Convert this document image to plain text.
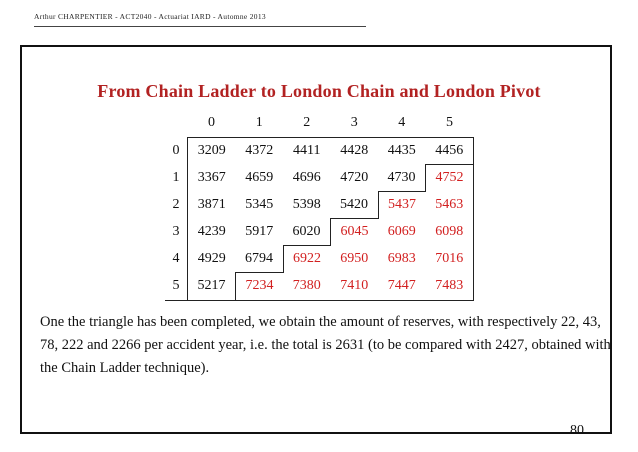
Arthur CHARPENTIER - ACT2040 - Actuariat IARD - Automne 2013
From Chain Ladder to London Chain and London Pivot
	0	1	2	3	4	5
0	3209	4372	4411	4428	4435	4456
1	3367	4659	4696	4720	4730	4752
2	3871	5345	5398	5420	5437	5463
3	4239	5917	6020	6045	6069	6098
4	4929	6794	6922	6950	6983	7016
5	5217	7234	7380	7410	7447	7483
One the triangle has been completed, we obtain the amount of reserves, with respectively 22, 43, 78, 222 and 2266 per accident year, i.e. the total is 2631 (to be compared with 2427, obtained with the Chain Ladder technique).
80
